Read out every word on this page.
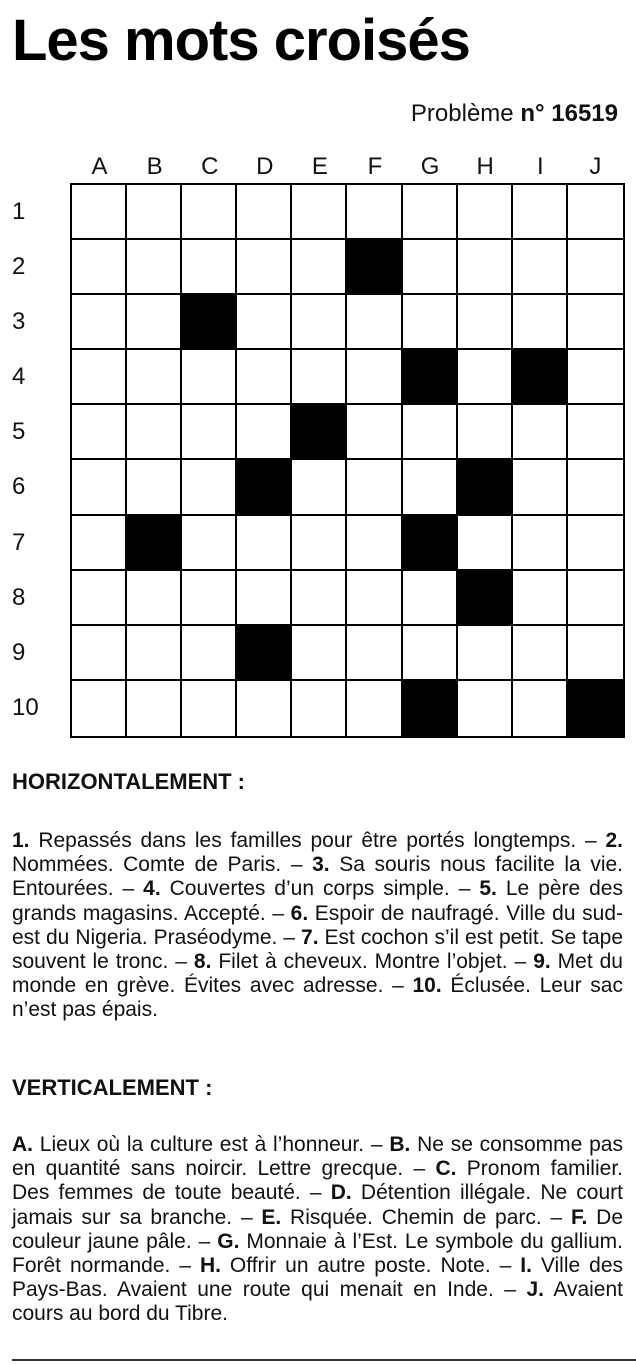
Les mots croisés
Problème n° 16519
A	B	C	D	E	F	G	H	I	J
1
2
3
4
5
6
7
8
9
10
HORIZONTALEMENT :
1. Repassés dans les familles pour être portés longtemps. – 2. Nommées. Comte de Paris. – 3. Sa souris nous facilite la vie. Entourées. – 4. Couvertes d’un corps simple. – 5. Le père des grands magasins. Accepté. – 6. Espoir de naufragé. Ville du sud-est du Nigeria. Praséodyme. – 7. Est cochon s’il est petit. Se tape souvent le tronc. – 8. Filet à cheveux. Montre l’objet. – 9. Met du monde en grève. Évites avec adresse. – 10. Éclusée. Leur sac n’est pas épais.
VERTICALEMENT :
A. Lieux où la culture est à l’honneur. – B. Ne se consomme pas en quantité sans noircir. Lettre grecque. – C. Pronom familier. Des femmes de toute beauté. – D. Détention illégale. Ne court jamais sur sa branche. – E. Risquée. Chemin de parc. – F. De couleur jaune pâle. – G. Monnaie à l’Est. Le symbole du gallium. Forêt normande. – H. Offrir un autre poste. Note. – I. Ville des Pays-Bas. Avaient une route qui menait en Inde. – J. Avaient cours au bord du Tibre.
